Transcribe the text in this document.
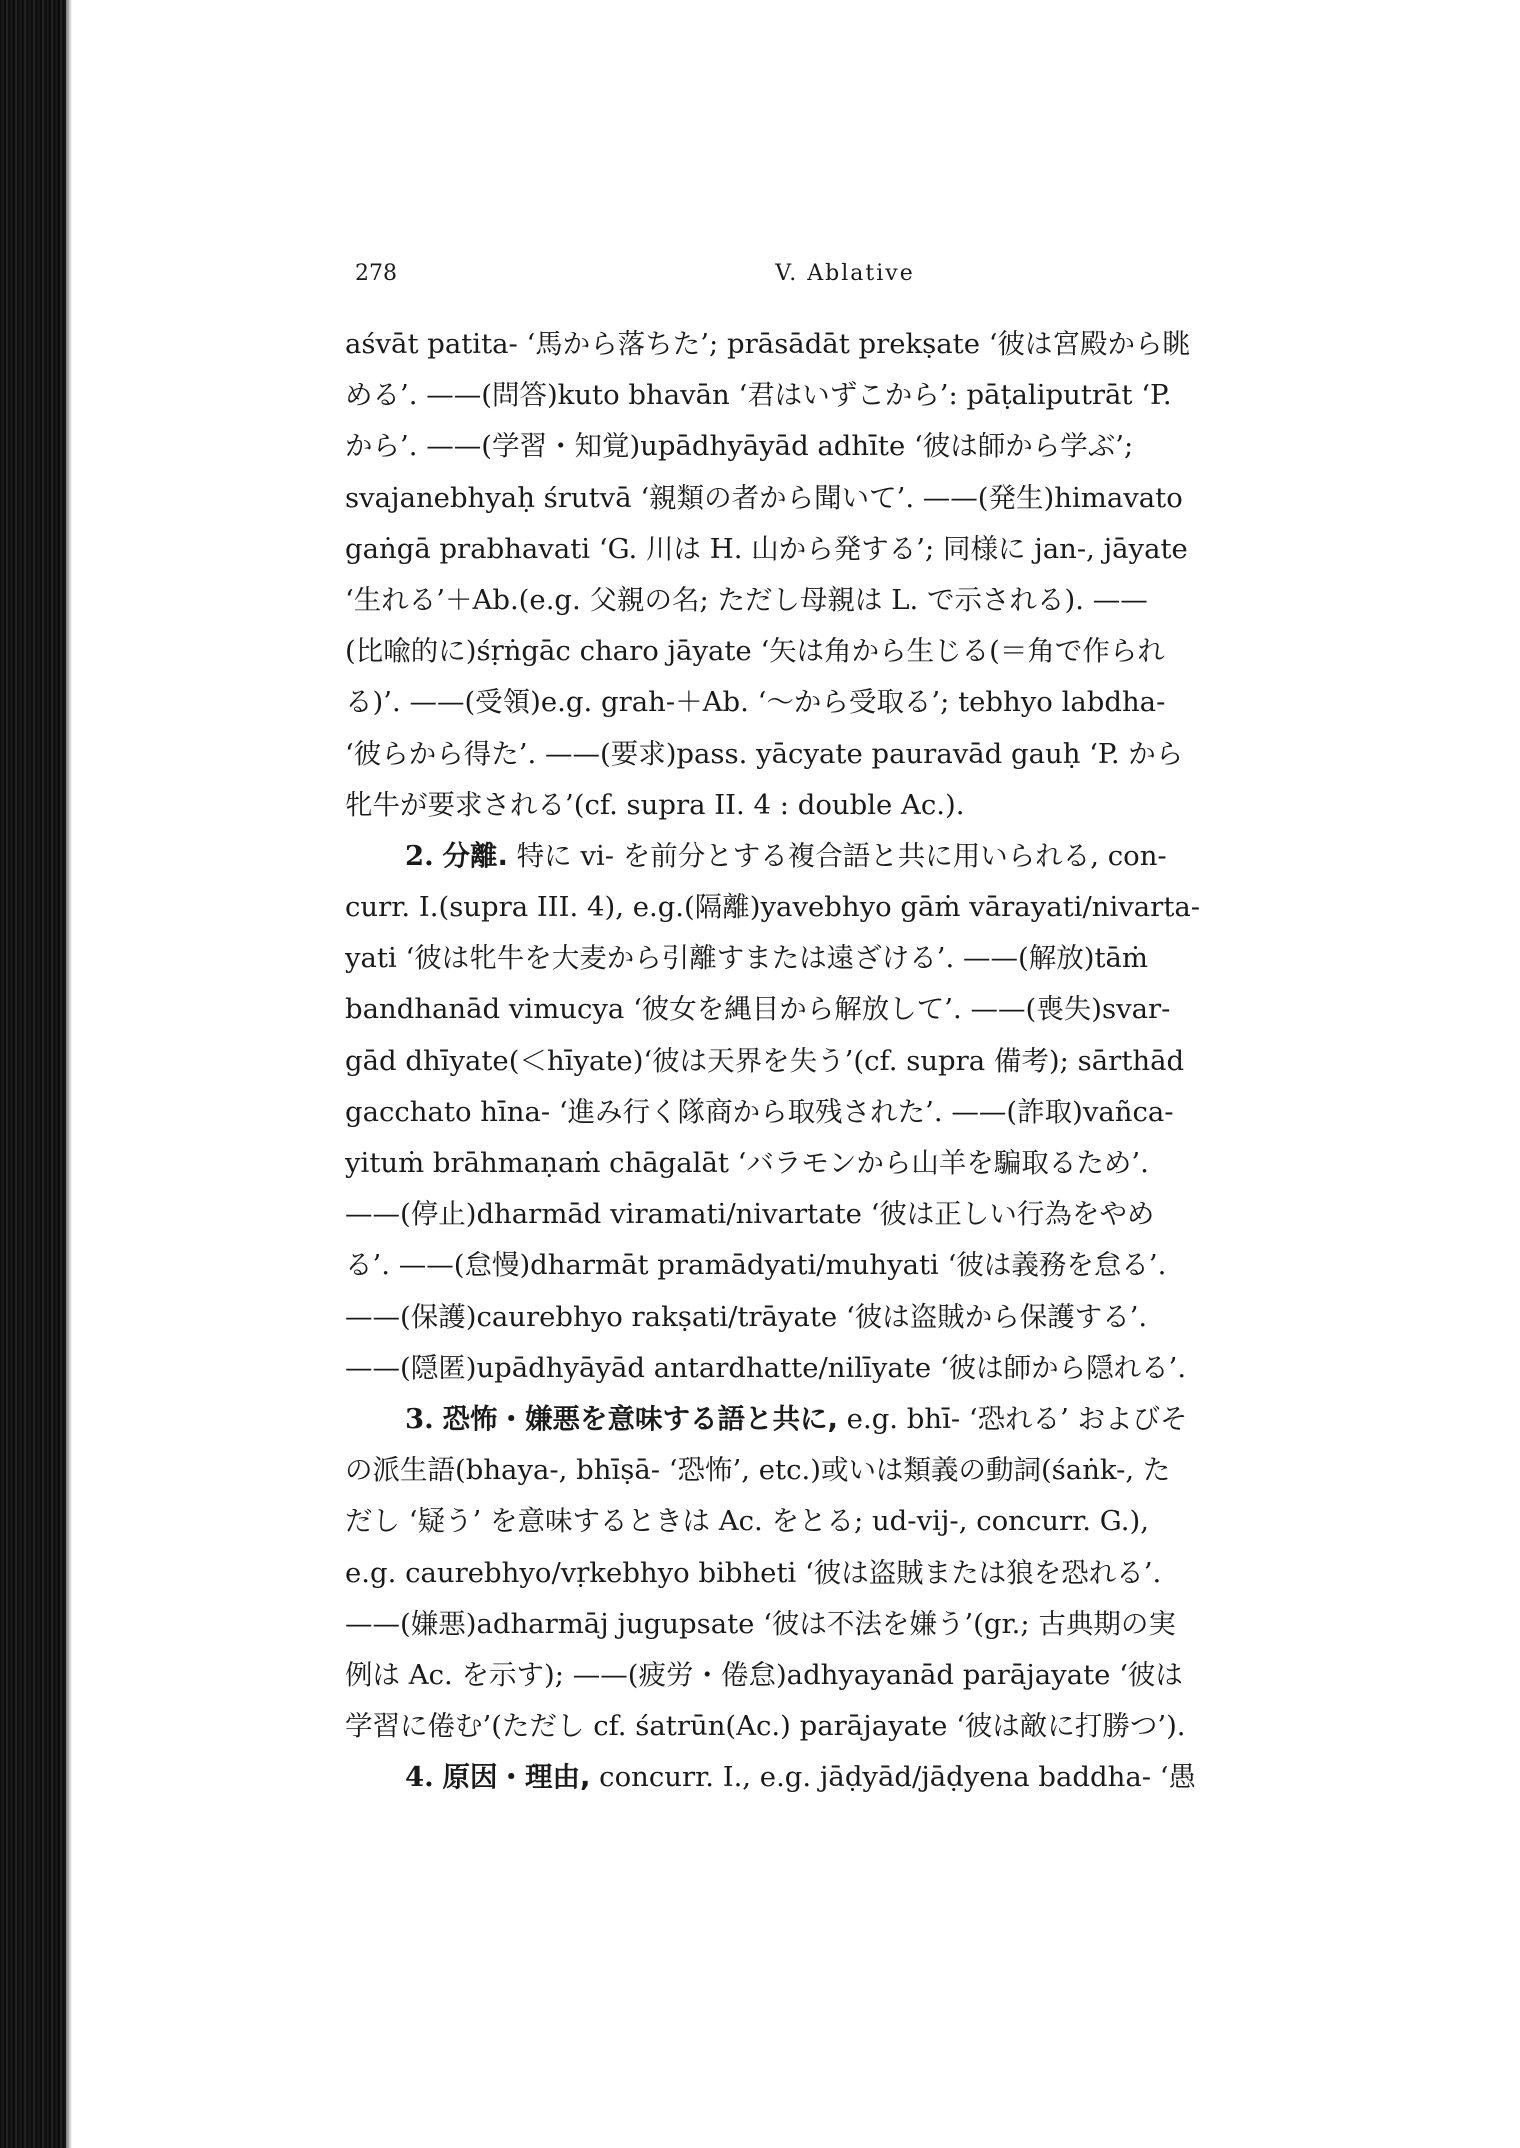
278	V. Ablative
aśvāt patita- ‘馬から落ちた’; prāsādāt prekṣate ‘彼は宮殿から眺
める’. ——(問答)kuto bhavān ‘君はいずこから’: pāṭaliputrāt ‘P.
から’. ——(学習・知覚)upādhyāyād adhīte ‘彼は師から学ぶ’;
svajanebhyaḥ śrutvā ‘親類の者から聞いて’. ——(発生)himavato
gaṅgā prabhavati ‘G. 川は H. 山から発する’; 同様に jan-, jāyate
‘生れる’＋Ab.(e.g. 父親の名; ただし母親は L. で示される). ——
(比喩的に)śṛṅgāc charo jāyate ‘矢は角から生じる(＝角で作られ
る)’. ——(受領)e.g. grah-＋Ab. ‘〜から受取る’; tebhyo labdha-
‘彼らから得た’. ——(要求)pass. yācyate pauravād gauḥ ‘P. から
牝牛が要求される’(cf. supra II. 4 : double Ac.).
2. 分離. 特に vi- を前分とする複合語と共に用いられる, con-
curr. I.(supra III. 4), e.g.(隔離)yavebhyo gāṁ vārayati/nivarta-
yati ‘彼は牝牛を大麦から引離すまたは遠ざける’. ——(解放)tāṁ
bandhanād vimucya ‘彼女を縄目から解放して’. ——(喪失)svar-
gād dhīyate(＜hīyate)‘彼は天界を失う’(cf. supra 備考); sārthād
gacchato hīna- ‘進み行く隊商から取残された’. ——(詐取)vañca-
yituṁ brāhmaṇaṁ chāgalāt ‘バラモンから山羊を騙取るため’.
——(停止)dharmād viramati/nivartate ‘彼は正しい行為をやめ
る’. ——(怠慢)dharmāt pramādyati/muhyati ‘彼は義務を怠る’.
——(保護)caurebhyo rakṣati/trāyate ‘彼は盗賊から保護する’.
——(隠匿)upādhyāyād antardhatte/nilīyate ‘彼は師から隠れる’.
3. 恐怖・嫌悪を意味する語と共に, e.g. bhī- ‘恐れる’ およびそ
の派生語(bhaya-, bhīṣā- ‘恐怖’, etc.)或いは類義の動詞(śaṅk-, た
だし ‘疑う’ を意味するときは Ac. をとる; ud-vij-, concurr. G.),
e.g. caurebhyo/vṛkebhyo bibheti ‘彼は盗賊または狼を恐れる’.
——(嫌悪)adharmāj jugupsate ‘彼は不法を嫌う’(gr.; 古典期の実
例は Ac. を示す); ——(疲労・倦怠)adhyayanād parājayate ‘彼は
学習に倦む’(ただし cf. śatrūn(Ac.) parājayate ‘彼は敵に打勝つ’).
4. 原因・理由, concurr. I., e.g. jāḍyād/jāḍyena baddha- ‘愚
